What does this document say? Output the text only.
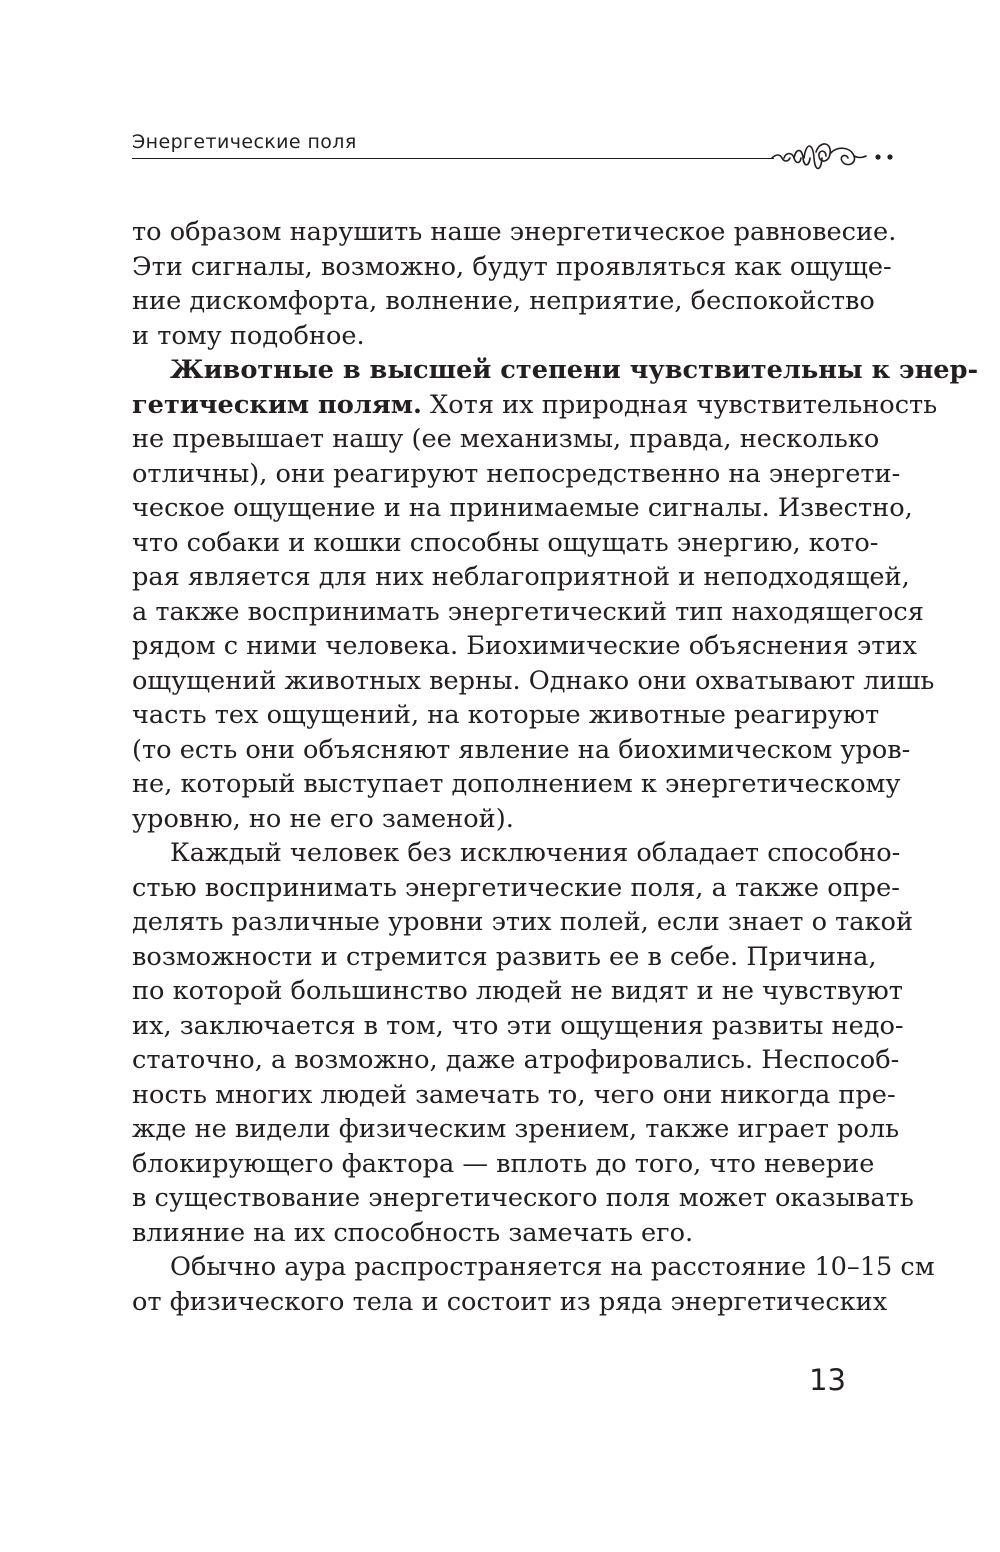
Энергетические поля
то образом нарушить наше энергетическое равновесие.
Эти сигналы, возможно, будут проявляться как ощуще-
ние дискомфорта, волнение, неприятие, беспокойство
и тому подобное.
Животные в высшей степени чувствительны к энер-
гетическим полям. Хотя их природная чувствительность
не превышает нашу (ее механизмы, правда, несколько
отличны), они реагируют непосредственно на энергети-
ческое ощущение и на принимаемые сигналы. Известно,
что собаки и кошки способны ощущать энергию, кото-
рая является для них неблагоприятной и неподходящей,
а также воспринимать энергетический тип находящегося
рядом с ними человека. Биохимические объяснения этих
ощущений животных верны. Однако они охватывают лишь
часть тех ощущений, на которые животные реагируют
(то есть они объясняют явление на биохимическом уров-
не, который выступает дополнением к энергетическому
уровню, но не его заменой).
Каждый человек без исключения обладает способно-
стью воспринимать энергетические поля, а также опре-
делять различные уровни этих полей, если знает о такой
возможности и стремится развить ее в себе. Причина,
по которой большинство людей не видят и не чувствуют
их, заключается в том, что эти ощущения развиты недо-
статочно, а возможно, даже атрофировались. Неспособ-
ность многих людей замечать то, чего они никогда пре-
жде не видели физическим зрением, также играет роль
блокирующего фактора — вплоть до того, что неверие
в существование энергетического поля может оказывать
влияние на их способность замечать его.
Обычно аура распространяется на расстояние 10–15 см
от физического тела и состоит из ряда энергетических
13
